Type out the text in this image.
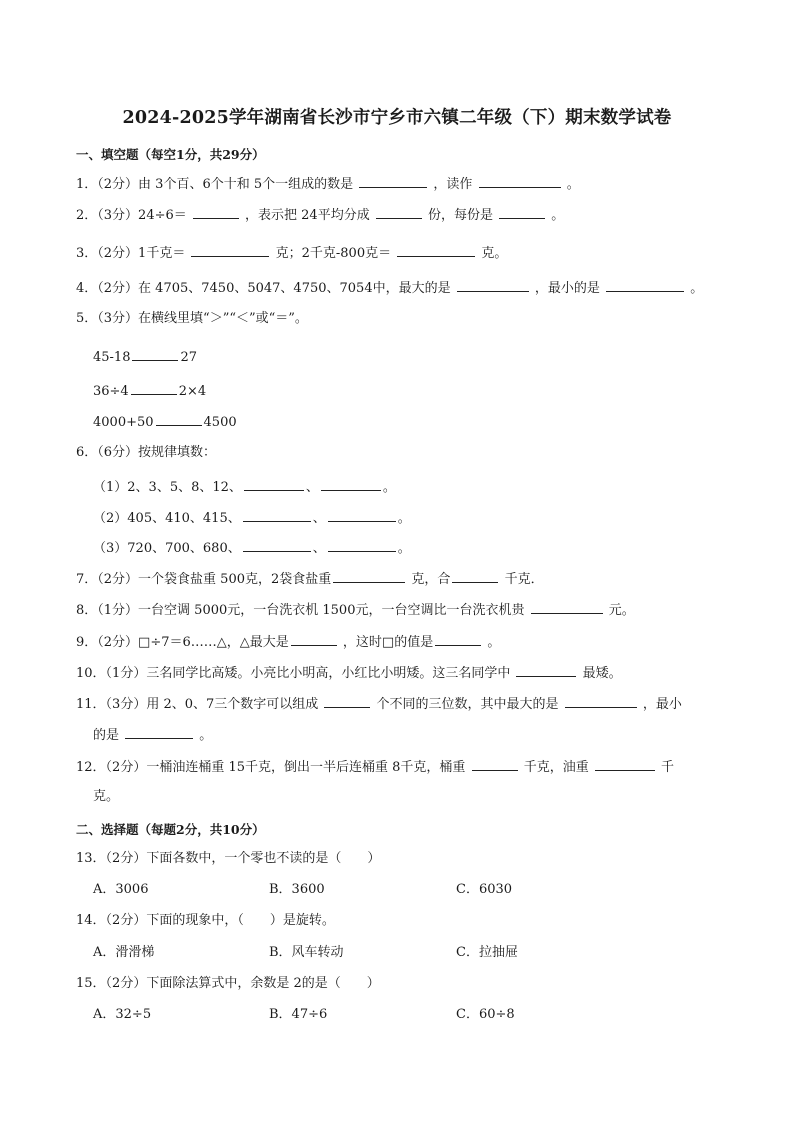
2024-2025学年湖南省长沙市宁乡市六镇二年级（下）期末数学试卷
一、填空题（每空1分，共29分）
1．（2分）由 3个百、6个十和 5个一组成的数是	，读作	。
2．（3分）24÷6＝	，表示把 24平均分成	份，每份是	。
3．（2分）1千克＝	克；2千克-800克＝	克。
4．（2分）在 4705、7450、5047、4750、7054中，最大的是	，最小的是	。
5．（3分）在横线里填“＞”“＜”或“＝”。
45-18	27
36÷4	2×4
4000+50	4500
6．（6分）按规律填数：
（1）2、3、5、8、12、	、	。
（2）405、410、415、	、	。
（3）720、700、680、	、	。
7．（2分）一个袋食盐重 500克，2袋食盐重	克，合	千克．
8．（1分）一台空调 5000元，一台洗衣机 1500元，一台空调比一台洗衣机贵	元。
9．（2分）□÷7＝6……△，△最大是	，这时□的值是	。
10．（1分）三名同学比高矮。小亮比小明高，小红比小明矮。这三名同学中	最矮。
11．（3分）用 2、0、7三个数字可以组成	个不同的三位数，其中最大的是	，最小
的是	。
12．（2分）一桶油连桶重 15千克，倒出一半后连桶重 8千克，桶重	千克，油重	千
克。
二、选择题（每题2分，共10分）
13．（2分）下面各数中，一个零也不读的是（　　）
A．3006	B．3600	C．6030
14．（2分）下面的现象中，（　　）是旋转。
A．滑滑梯	B．风车转动	C．拉抽屉
15．（2分）下面除法算式中，余数是 2的是（　　）
A．32÷5	B．47÷6	C．60÷8
